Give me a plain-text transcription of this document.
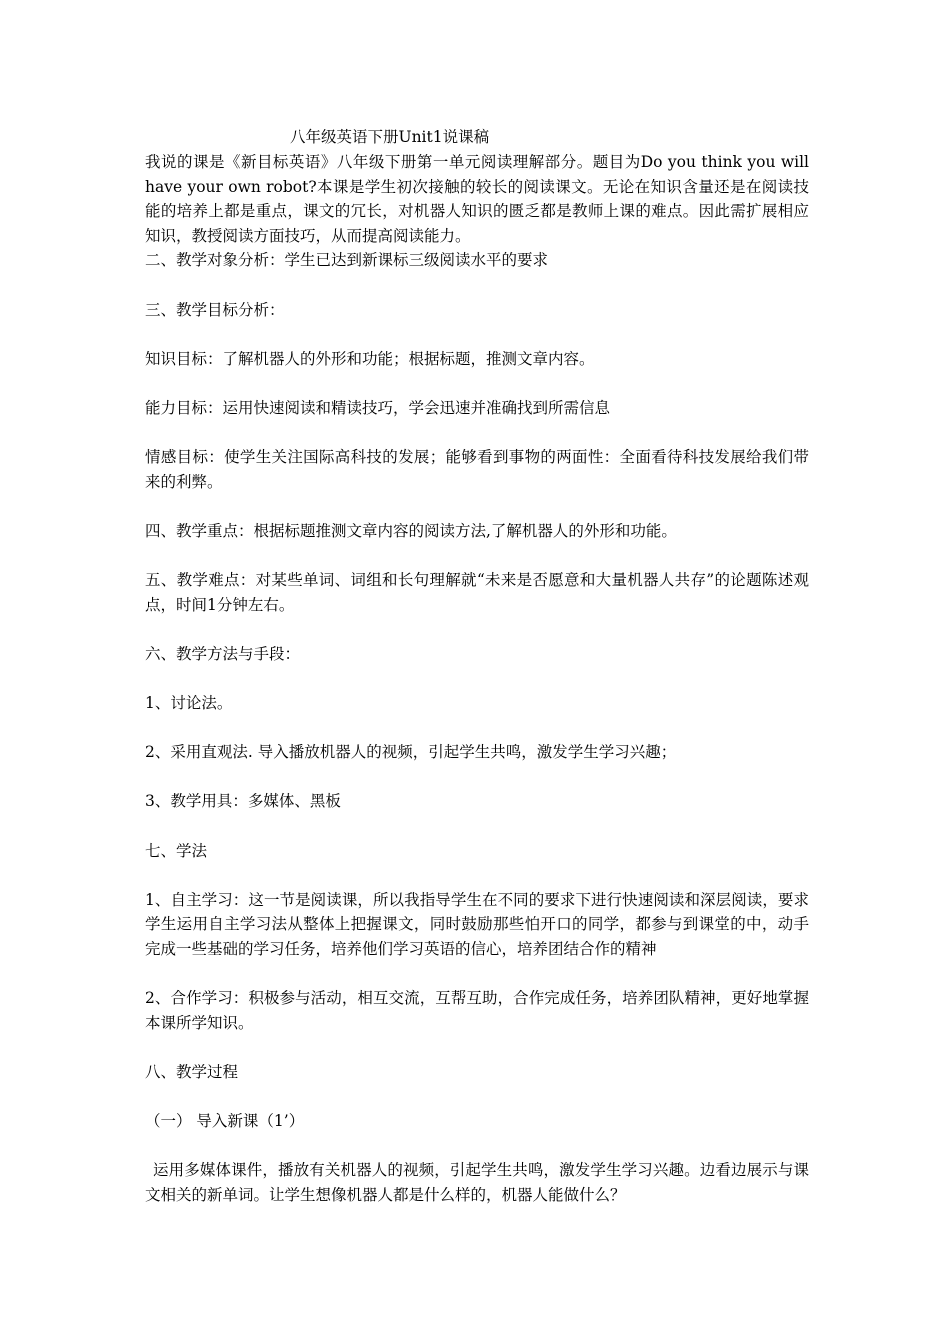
八年级英语下册Unit1说课稿

我说的课是《新目标英语》八年级下册第一单元阅读理解部分。题目为Do you think you will have your own robot?本课是学生初次接触的较长的阅读课文。无论在知识含量还是在阅读技能的培养上都是重点，课文的冗长，对机器人知识的匮乏都是教师上课的难点。因此需扩展相应知识，教授阅读方面技巧，从而提高阅读能力。

二、教学对象分析：学生已达到新课标三级阅读水平的要求

三、教学目标分析：

知识目标：了解机器人的外形和功能；根据标题，推测文章内容。

能力目标：运用快速阅读和精读技巧，学会迅速并准确找到所需信息

情感目标：使学生关注国际高科技的发展；能够看到事物的两面性：全面看待科技发展给我们带来的利弊。

四、教学重点：根据标题推测文章内容的阅读方法,了解机器人的外形和功能。

五、教学难点：对某些单词、词组和长句理解就“未来是否愿意和大量机器人共存”的论题陈述观点，时间1分钟左右。

六、教学方法与手段：

1、讨论法。

2、采用直观法. 导入播放机器人的视频，引起学生共鸣，激发学生学习兴趣；

3、教学用具：多媒体、黑板

七、学法

1、自主学习：这一节是阅读课，所以我指导学生在不同的要求下进行快速阅读和深层阅读，要求学生运用自主学习法从整体上把握课文，同时鼓励那些怕开口的同学，都参与到课堂的中，动手完成一些基础的学习任务，培养他们学习英语的信心，培养团结合作的精神

2、合作学习：积极参与活动，相互交流，互帮互助，合作完成任务，培养团队精神，更好地掌握本课所学知识。

八、教学过程

（一） 导入新课（1’）

运用多媒体课件，播放有关机器人的视频，引起学生共鸣，激发学生学习兴趣。边看边展示与课文相关的新单词。让学生想像机器人都是什么样的，机器人能做什么？
